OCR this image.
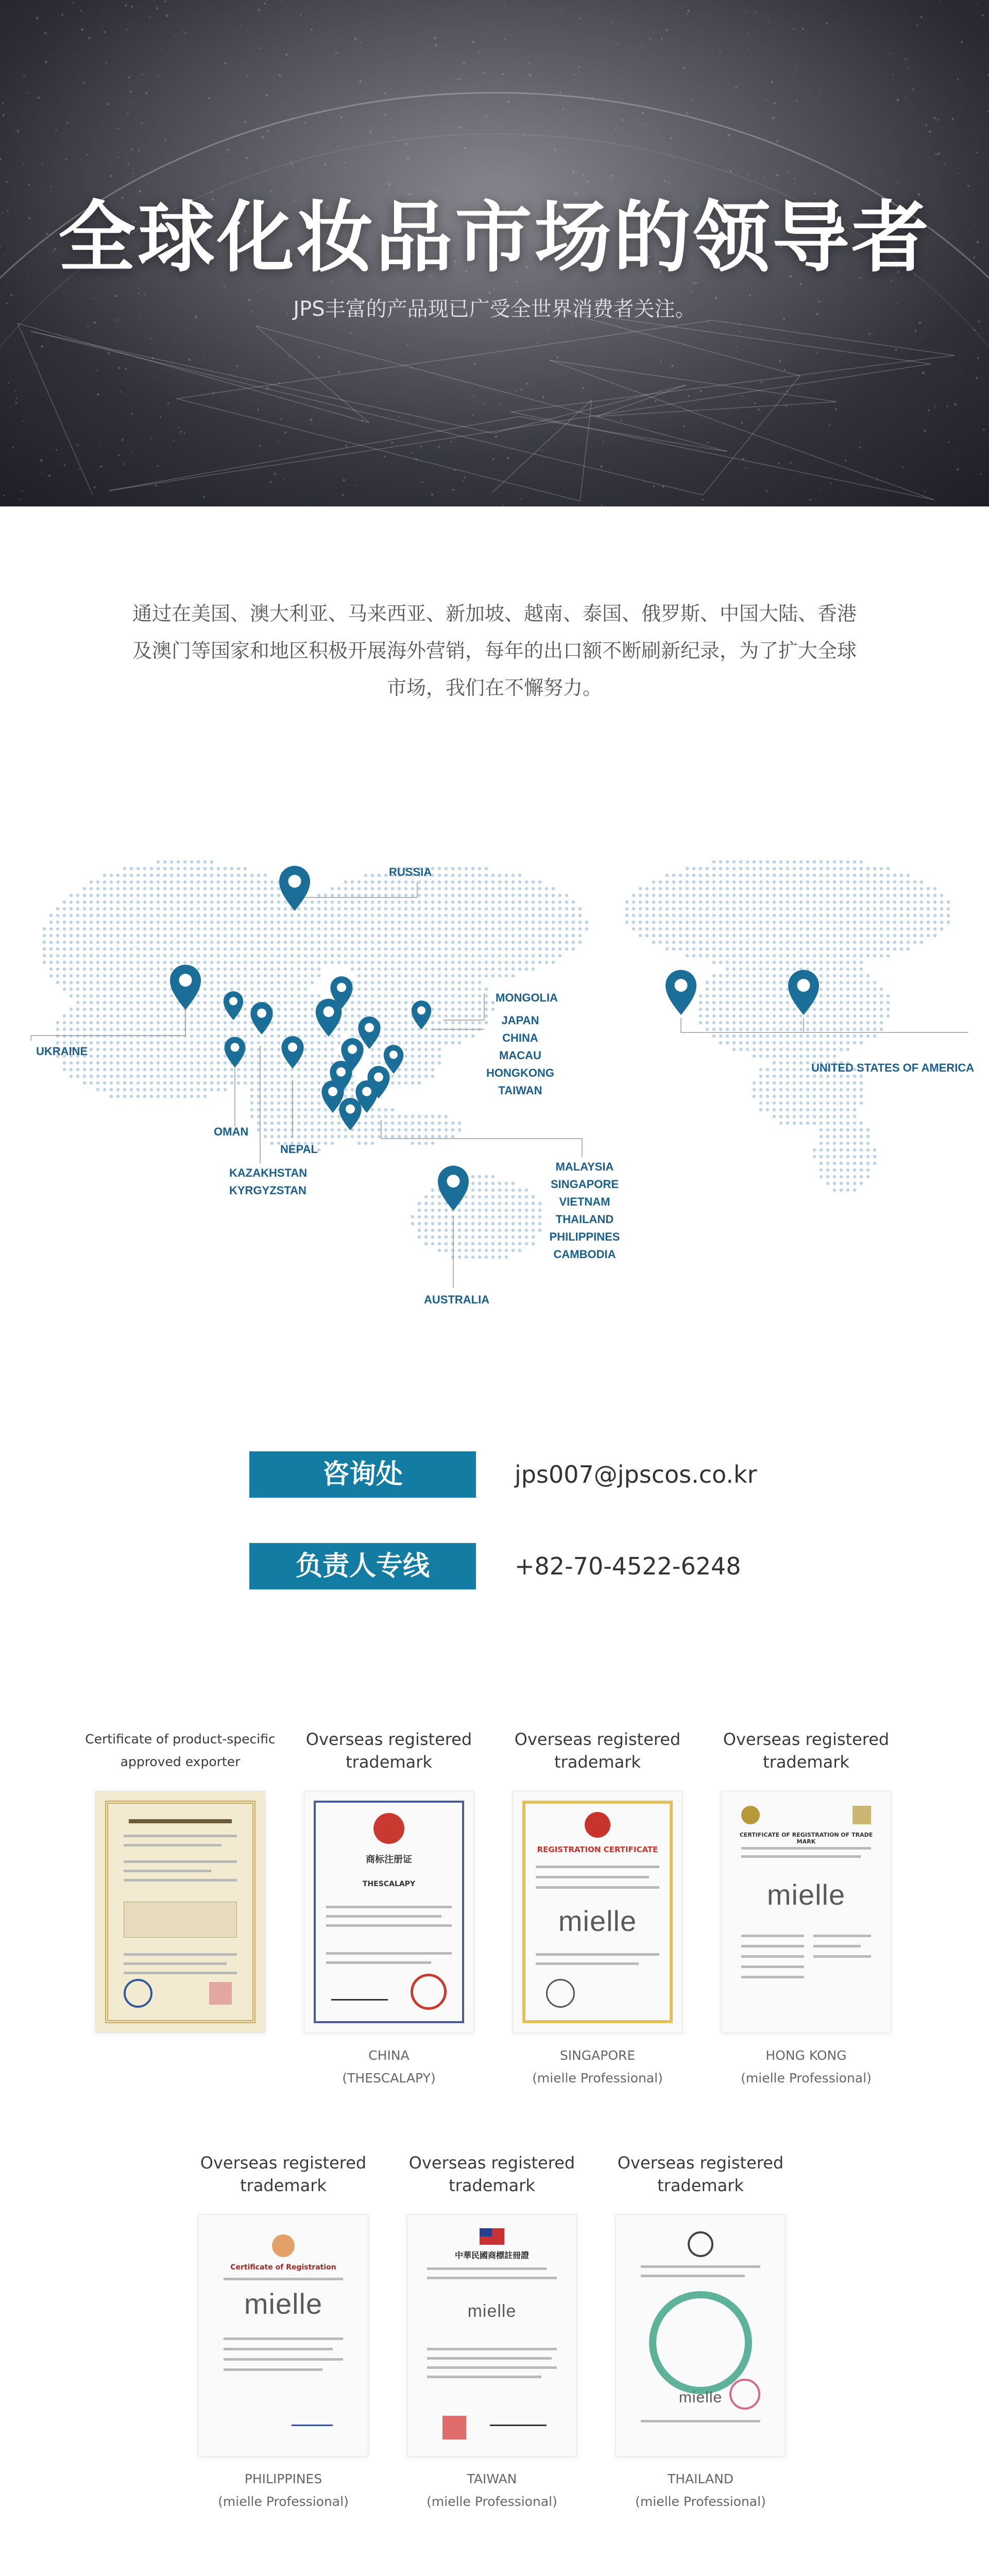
全球化妆品市场的领导者

JPS丰富的产品现已广受全世界消费者关注。

通过在美国、澳大利亚、马来西亚、新加坡、越南、泰国、俄罗斯、中国大陆、香港及澳门等国家和地区积极开展海外营销，每年的出口额不断刷新纪录，为了扩大全球市场，我们在不懈努力。

RUSSIA
UKRAINE
MONGOLIA
JAPAN
CHINA
MACAU
HONGKONG
TAIWAN
OMAN
NEPAL
KAZAKHSTAN
KYRGYZSTAN
MALAYSIA
SINGAPORE
VIETNAM
THAILAND
PHILIPPINES
CAMBODIA
AUSTRALIA
UNITED STATES OF AMERICA
咨询处	jps007@jpscos.co.kr
负责人专线	+82-70-4522-6248
Certificate of product-specific approved exporter
Overseas registered trademark
商标注册证
THESCALAPY
CHINA
(THESCALAPY)
Overseas registered trademark
REGISTRATION CERTIFICATE
mielle
SINGAPORE
(mielle Professional)
Overseas registered trademark
CERTIFICATE OF REGISTRATION OF TRADE MARK
mielle
HONG KONG
(mielle Professional)
Overseas registered trademark
Certificate of Registration
mielle
PHILIPPINES
(mielle Professional)
Overseas registered trademark
中華民國商標註冊證
mielle
TAIWAN
(mielle Professional)
Overseas registered trademark
mielle
THAILAND
(mielle Professional)
